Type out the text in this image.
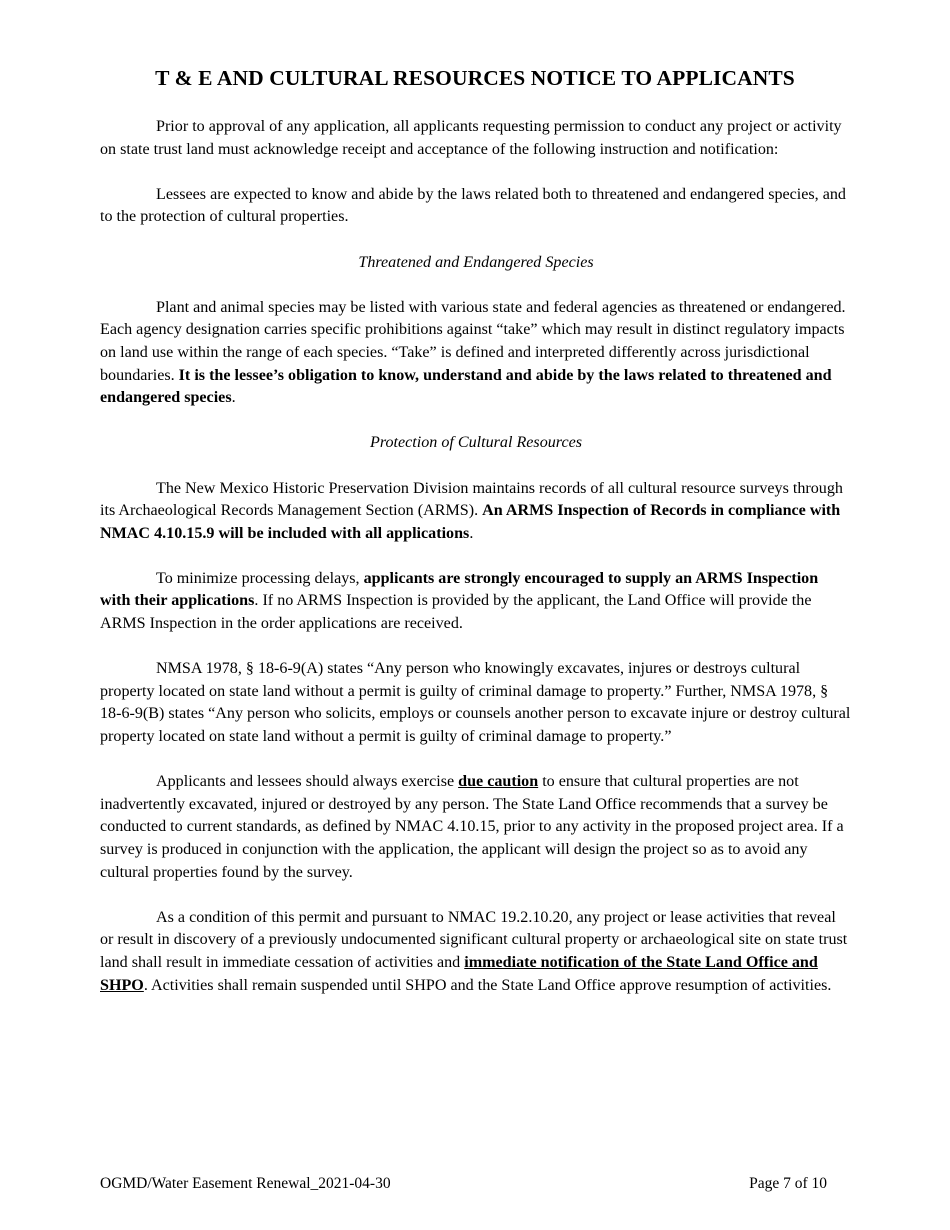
T & E AND CULTURAL RESOURCES NOTICE TO APPLICANTS

Prior to approval of any application, all applicants requesting permission to conduct any project or activity on state trust land must acknowledge receipt and acceptance of the following instruction and notification:

Lessees are expected to know and abide by the laws related both to threatened and endangered species, and to the protection of cultural properties.

Threatened and Endangered Species

Plant and animal species may be listed with various state and federal agencies as threatened or endangered. Each agency designation carries specific prohibitions against “take” which may result in distinct regulatory impacts on land use within the range of each species. “Take” is defined and interpreted differently across jurisdictional boundaries. It is the lessee’s obligation to know, understand and abide by the laws related to threatened and endangered species.

Protection of Cultural Resources

The New Mexico Historic Preservation Division maintains records of all cultural resource surveys through its Archaeological Records Management Section (ARMS). An ARMS Inspection of Records in compliance with NMAC 4.10.15.9 will be included with all applications.

To minimize processing delays, applicants are strongly encouraged to supply an ARMS Inspection with their applications. If no ARMS Inspection is provided by the applicant, the Land Office will provide the ARMS Inspection in the order applications are received.

NMSA 1978, § 18-6-9(A) states “Any person who knowingly excavates, injures or destroys cultural property located on state land without a permit is guilty of criminal damage to property.” Further, NMSA 1978, § 18-6-9(B) states “Any person who solicits, employs or counsels another person to excavate injure or destroy cultural property located on state land without a permit is guilty of criminal damage to property.”

Applicants and lessees should always exercise due caution to ensure that cultural properties are not inadvertently excavated, injured or destroyed by any person. The State Land Office recommends that a survey be conducted to current standards, as defined by NMAC 4.10.15, prior to any activity in the proposed project area. If a survey is produced in conjunction with the application, the applicant will design the project so as to avoid any cultural properties found by the survey.

As a condition of this permit and pursuant to NMAC 19.2.10.20, any project or lease activities that reveal or result in discovery of a previously undocumented significant cultural property or archaeological site on state trust land shall result in immediate cessation of activities and immediate notification of the State Land Office and SHPO. Activities shall remain suspended until SHPO and the State Land Office approve resumption of activities.

OGMD/Water Easement Renewal_2021-04-30	Page 7 of 10
